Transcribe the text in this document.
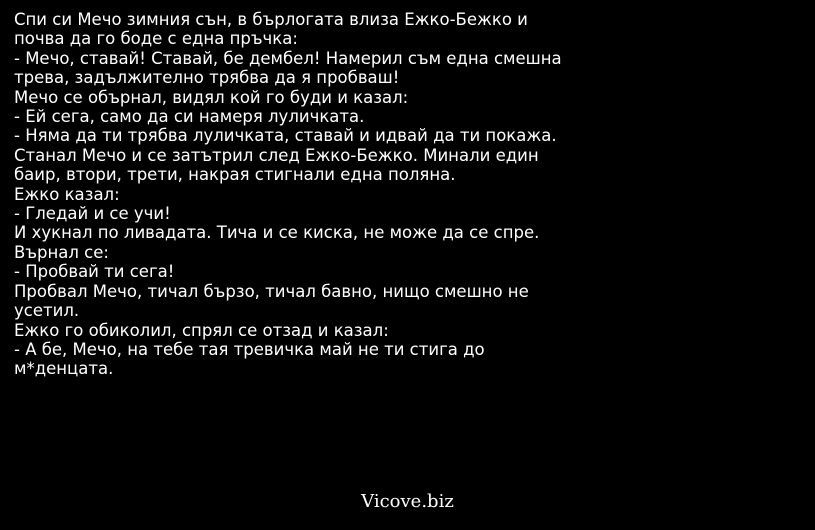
Спи си Мечо зимния сън, в бърлогата влиза Ежко-Бежко и
почва да го боде с една пръчка:
- Мечо, ставай! Ставай, бе дембел! Намерил съм една смешна
трева, задължително трябва да я пробваш!
Мечо се обърнал, видял кой го буди и казал:
- Ей сега, само да си намеря луличката.
- Няма да ти трябва луличката, ставай и идвай да ти покажа.
Станал Мечо и се затътрил след Ежко-Бежко. Минали един
баир, втори, трети, накрая стигнали една поляна.
Ежко казал:
- Гледай и се учи!
И хукнал по ливадата. Тича и се киска, не може да се спре.
Върнал се:
- Пробвай ти сега!
Пробвал Мечо, тичал бързо, тичал бавно, нищо смешно не
усетил.
Ежко го обиколил, спрял се отзад и казал:
- А бе, Мечо, на тебе тая тревичка май не ти стига до
м*денцата.
Vicove.biz
